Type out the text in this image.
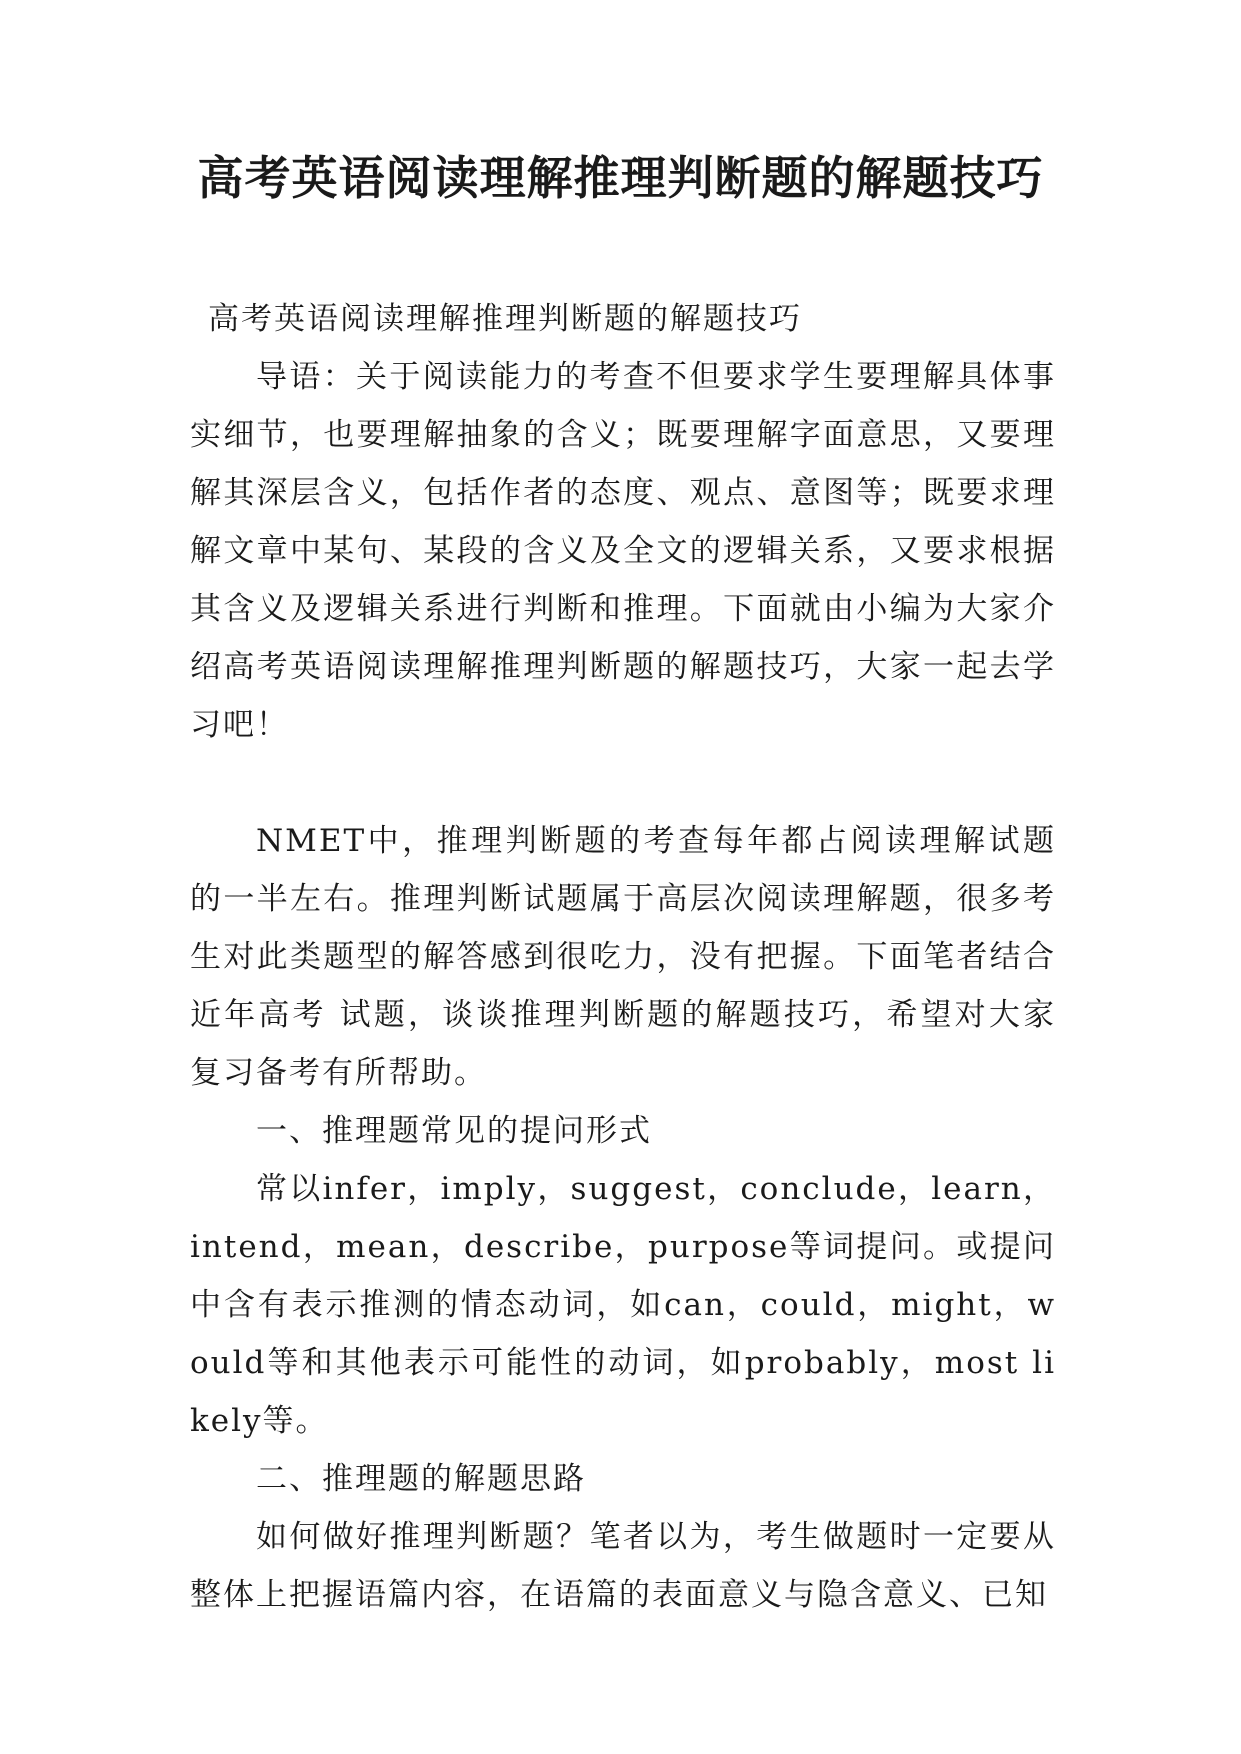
高考英语阅读理解推理判断题的解题技巧

高考英语阅读理解推理判断题的解题技巧

导语：关于阅读能力的考查不但要求学生要理解具体事实细节，也要理解抽象的含义；既要理解字面意思，又要理解其深层含义，包括作者的态度、观点、意图等；既要求理解文章中某句、某段的含义及全文的逻辑关系，又要求根据其含义及逻辑关系进行判断和推理。下面就由小编为大家介绍高考英语阅读理解推理判断题的解题技巧，大家一起去学习吧！

NMET中，推理判断题的考查每年都占阅读理解试题的一半左右。推理判断试题属于高层次阅读理解题，很多考生对此类题型的解答感到很吃力，没有把握。下面笔者结合近年高考 试题，谈谈推理判断题的解题技巧，希望对大家复习备考有所帮助。

一、推理题常见的提问形式

常以infer，imply，suggest，conclude，learn，intend，mean，describe，purpose等词提问。或提问中含有表示推测的情态动词，如can，could，might，would等和其他表示可能性的动词，如probably，most likely等。

二、推理题的解题思路

如何做好推理判断题？笔者以为，考生做题时一定要从整体上把握语篇内容，在语篇的表面意义与隐含意义、已知
